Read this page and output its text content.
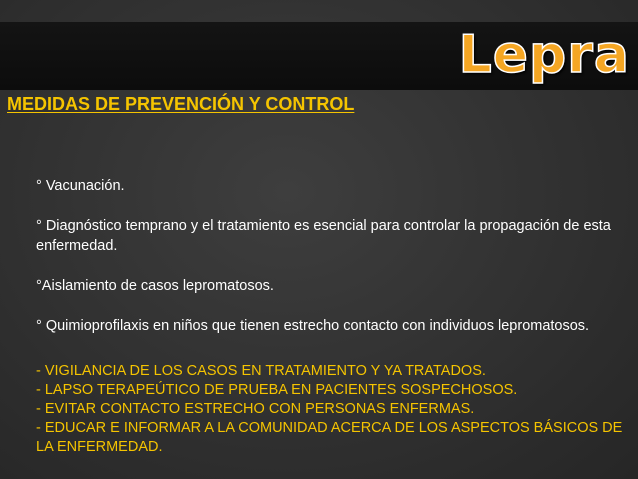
Lepra
MEDIDAS DE PREVENCIÓN Y CONTROL
° Vacunación.
° Diagnóstico temprano y el tratamiento es esencial para controlar la propagación de esta enfermedad.
°Aislamiento de casos lepromatosos.
° Quimioprofilaxis en niños que tienen estrecho contacto con individuos lepromatosos.
- VIGILANCIA DE LOS CASOS EN TRATAMIENTO Y YA TRATADOS.
- LAPSO TERAPEÚTICO DE PRUEBA EN PACIENTES SOSPECHOSOS.
- EVITAR CONTACTO ESTRECHO CON PERSONAS ENFERMAS.
- EDUCAR E INFORMAR A LA COMUNIDAD ACERCA DE LOS ASPECTOS BÁSICOS DE LA ENFERMEDAD.
